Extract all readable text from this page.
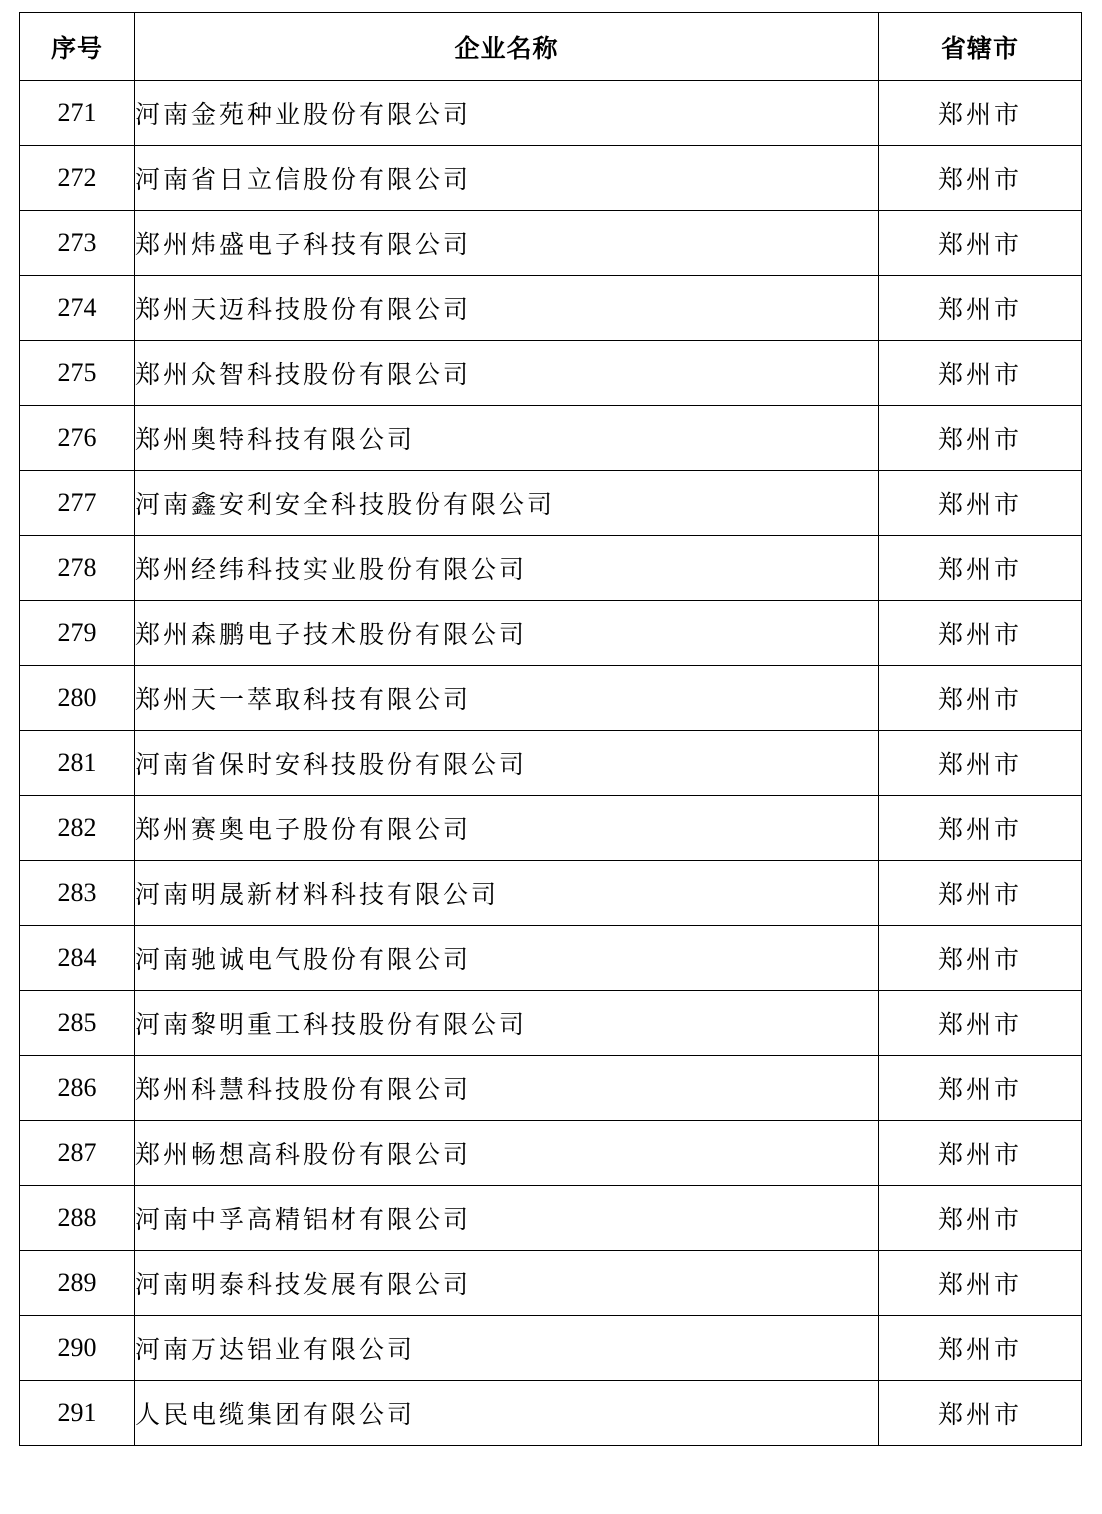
序号	企业名称	省辖市
271	河南金苑种业股份有限公司	郑州市
272	河南省日立信股份有限公司	郑州市
273	郑州炜盛电子科技有限公司	郑州市
274	郑州天迈科技股份有限公司	郑州市
275	郑州众智科技股份有限公司	郑州市
276	郑州奥特科技有限公司	郑州市
277	河南鑫安利安全科技股份有限公司	郑州市
278	郑州经纬科技实业股份有限公司	郑州市
279	郑州森鹏电子技术股份有限公司	郑州市
280	郑州天一萃取科技有限公司	郑州市
281	河南省保时安科技股份有限公司	郑州市
282	郑州赛奥电子股份有限公司	郑州市
283	河南明晟新材料科技有限公司	郑州市
284	河南驰诚电气股份有限公司	郑州市
285	河南黎明重工科技股份有限公司	郑州市
286	郑州科慧科技股份有限公司	郑州市
287	郑州畅想高科股份有限公司	郑州市
288	河南中孚高精铝材有限公司	郑州市
289	河南明泰科技发展有限公司	郑州市
290	河南万达铝业有限公司	郑州市
291	人民电缆集团有限公司	郑州市
